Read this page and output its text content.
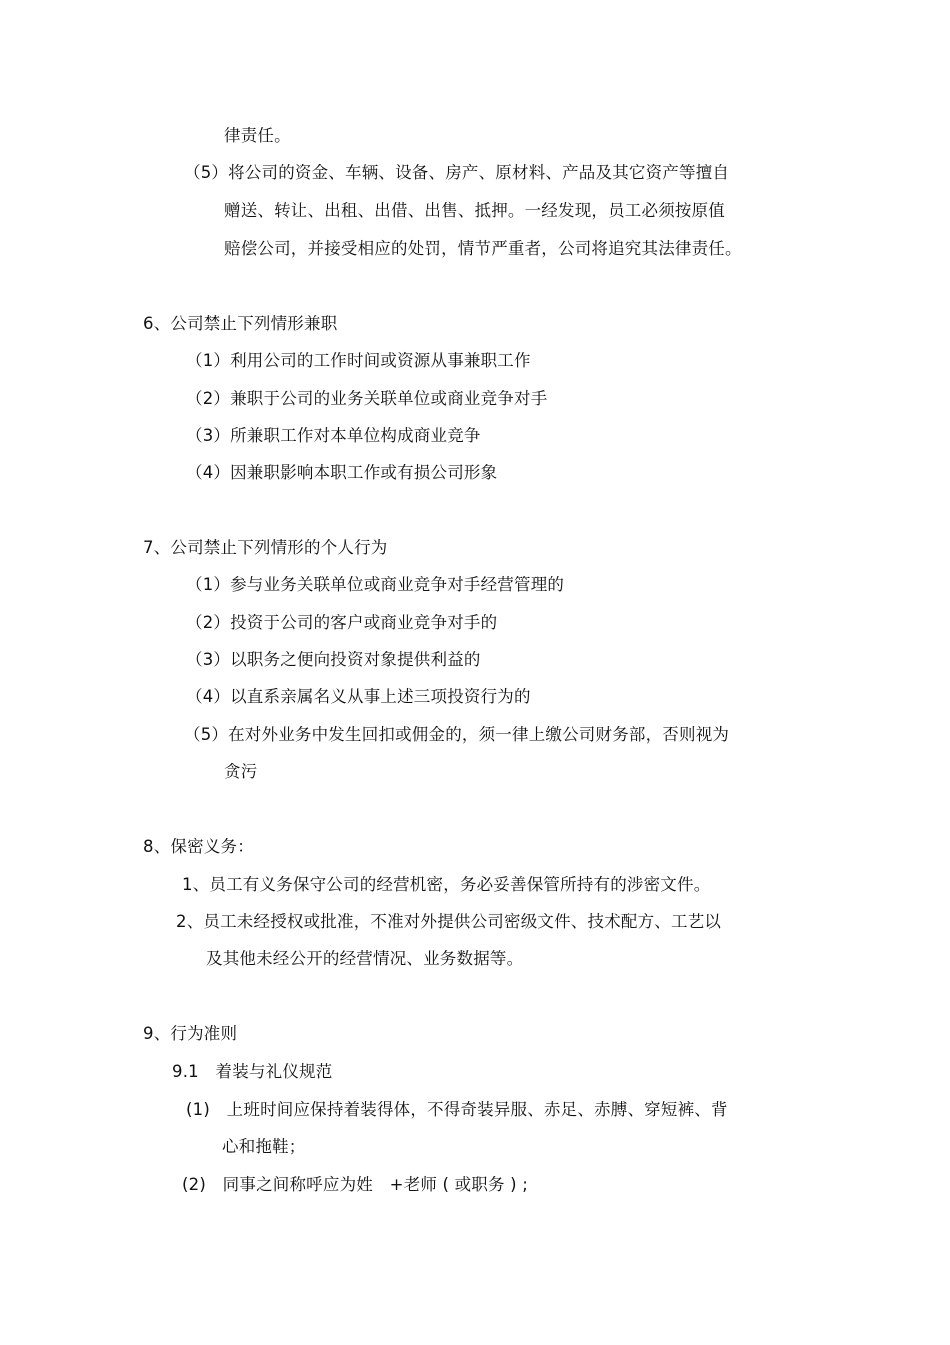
律责任。
（5）将公司的资金、车辆、设备、房产、原材料、产品及其它资产等擅自
赠送、转让、出租、出借、出售、抵押。一经发现，员工必须按原值
赔偿公司，并接受相应的处罚，情节严重者，公司将追究其法律责任。
6、公司禁止下列情形兼职
（1）利用公司的工作时间或资源从事兼职工作
（2）兼职于公司的业务关联单位或商业竞争对手
（3）所兼职工作对本单位构成商业竞争
（4）因兼职影响本职工作或有损公司形象
7、公司禁止下列情形的个人行为
（1）参与业务关联单位或商业竞争对手经营管理的
（2）投资于公司的客户或商业竞争对手的
（3）以职务之便向投资对象提供利益的
（4）以直系亲属名义从事上述三项投资行为的
（5）在对外业务中发生回扣或佣金的，须一律上缴公司财务部，否则视为
贪污
8、保密义务：
1、员工有义务保守公司的经营机密，务必妥善保管所持有的涉密文件。
2、员工未经授权或批准，不准对外提供公司密级文件、技术配方、工艺以
及其他未经公开的经营情况、业务数据等。
9、行为准则
9.1　着装与礼仪规范
(1)　上班时间应保持着装得体，不得奇装异服、赤足、赤膊、穿短裤、背
心和拖鞋；
(2)　同事之间称呼应为姓　+老师 ( 或职务 ) ;
